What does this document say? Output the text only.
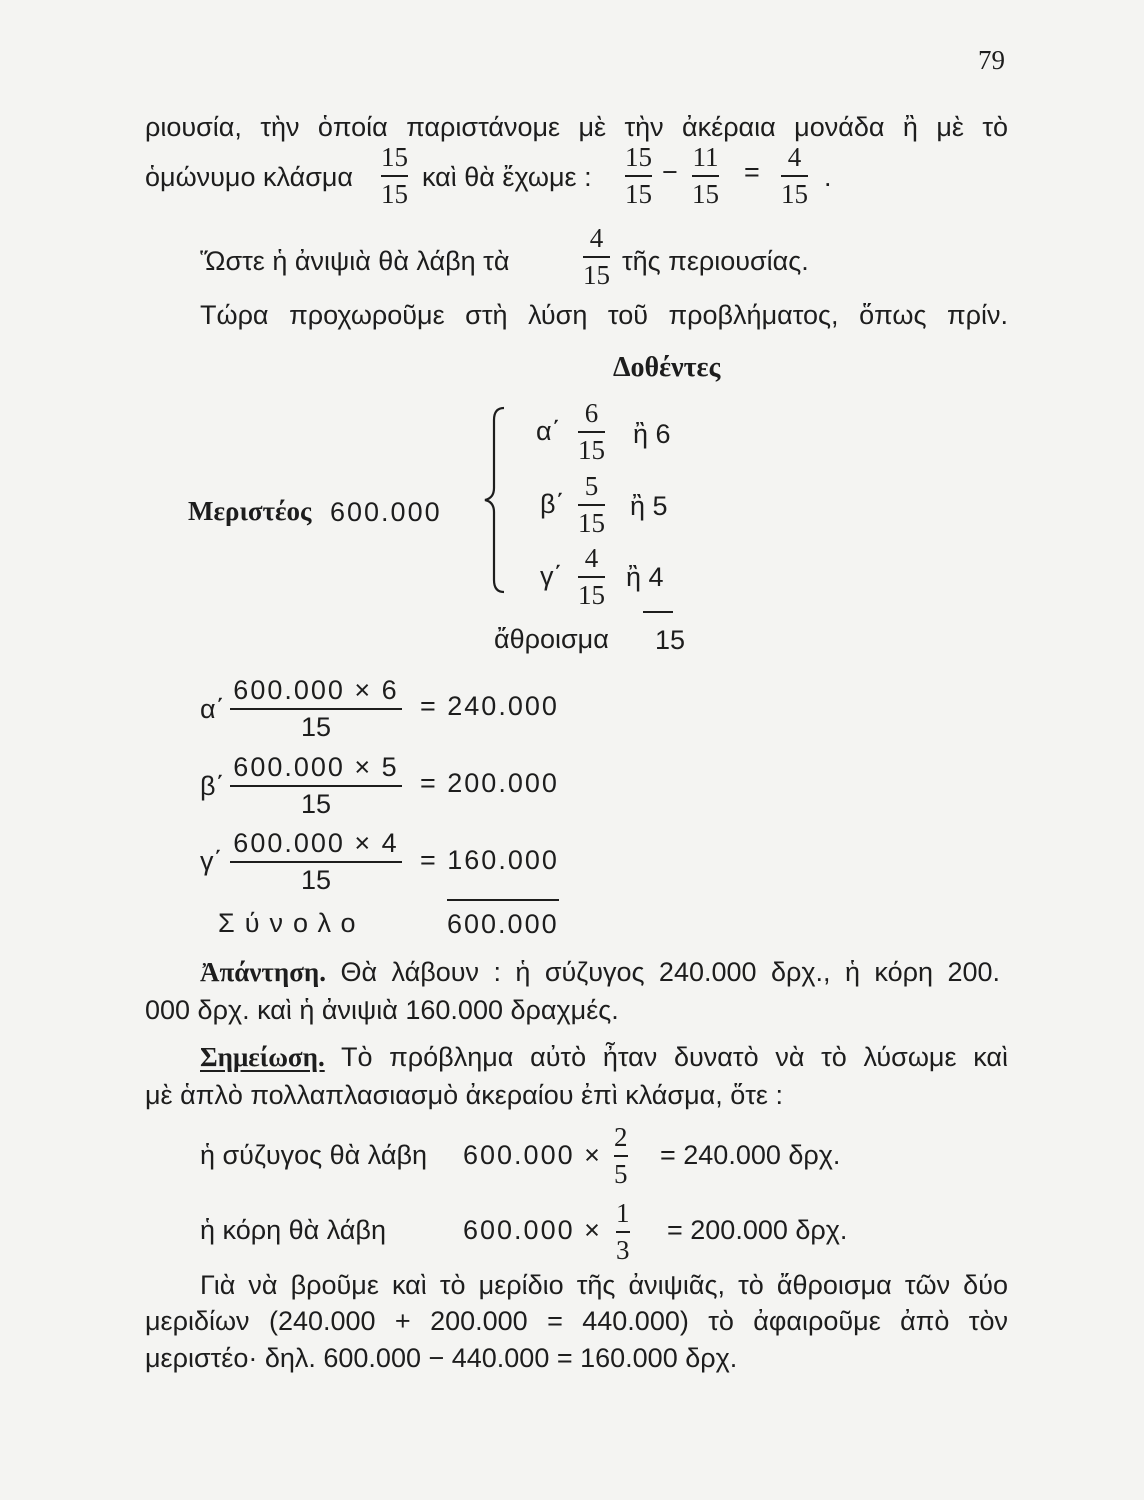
79
ριουσία, τὴν ὁποία παριστάνομε μὲ τὴν ἀκέραια μονάδα ἢ μὲ τὸ
ὁμώνυμο κλάσμα
15
15
καὶ θὰ ἔχωμε :
15
15
− 11
15
= 4
15
.
Ὥστε ἡ ἀνιψιὰ θὰ λάβη τὰ
4
15 τῆς περιουσίας.
Τώρα προχωροῦμε στὴ λύση τοῦ προβλήματος, ὅπως πρίν.
Δοθέντες
Μεριστέος 600.000
α΄
6
15
ἢ 6
β΄
5
15
ἢ 5
γ΄
4
15
ἢ 4
ἄθροισμα 15
α΄
600.000 × 6
15
= 240.000
β΄
600.000 × 5
15
= 200.000
γ΄
600.000 × 4
15
= 160.000
Σύνολο	600.000
Ἀπάντηση. Θὰ λάβουν : ἡ σύζυγος 240.000 δρχ., ἡ κόρη 200.
000 δρχ. καὶ ἡ ἀνιψιὰ 160.000 δραχμές.
Σημείωση. Τὸ πρόβλημα αὐτὸ ἦταν δυνατὸ νὰ τὸ λύσωμε καὶ
μὲ ἁπλὸ πολλαπλασιασμὸ ἀκεραίου ἐπὶ κλάσμα, ὅτε :
ἡ σύζυγος θὰ λάβη 600.000 ×
2
5
= 240.000 δρχ.
ἡ κόρη θὰ λάβη	600.000 ×
1
3
= 200.000 δρχ.
Γιὰ νὰ βροῦμε καὶ τὸ μερίδιο τῆς ἀνιψιᾶς, τὸ ἄθροισμα τῶν δύο
μεριδίων (240.000 + 200.000 = 440.000) τὸ ἀφαιροῦμε ἀπὸ τὸν
μεριστέο· δηλ. 600.000 − 440.000 = 160.000 δρχ.
